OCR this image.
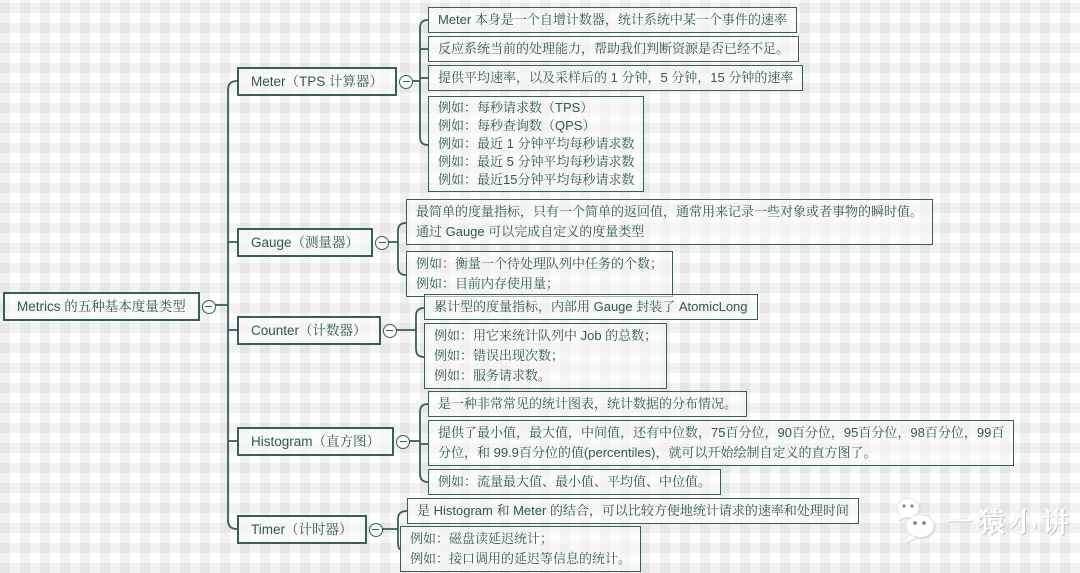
Metrics 的五种基本度量类型
Meter（TPS 计算器）
Gauge（测量器）
Counter（计数器）
Histogram（直方图）
Timer（计时器）
Meter 本身是一个自增计数器，统计系统中某一个事件的速率
反应系统当前的处理能力，帮助我们判断资源是否已经不足。
提供平均速率，以及采样后的 1 分钟，5 分钟，15 分钟的速率
例如：每秒请求数（TPS）
例如：每秒查询数（QPS）
例如：最近 1 分钟平均每秒请求数
例如：最近 5 分钟平均每秒请求数
例如：最近15分钟平均每秒请求数
最简单的度量指标，只有一个简单的返回值，通常用来记录一些对象或者事物的瞬时值。
通过 Gauge 可以完成自定义的度量类型
例如：衡量一个待处理队列中任务的个数；
例如：目前内存使用量；
累计型的度量指标，内部用 Gauge 封装了 AtomicLong
例如：用它来统计队列中 Job 的总数；
例如：错误出现次数；
例如：服务请求数。
是一种非常常见的统计图表，统计数据的分布情况。
提供了最小值，最大值，中间值，还有中位数，75百分位，90百分位，95百分位，98百分位，99百
分位，和 99.9百分位的值(percentiles)，就可以开始绘制自定义的直方图了。
例如：流量最大值、最小值、平均值、中位值。
是 Histogram 和 Meter 的结合，可以比较方便地统计请求的速率和处理时间
例如：磁盘读延迟统计；
例如：接口调用的延迟等信息的统计。
一猿小讲
